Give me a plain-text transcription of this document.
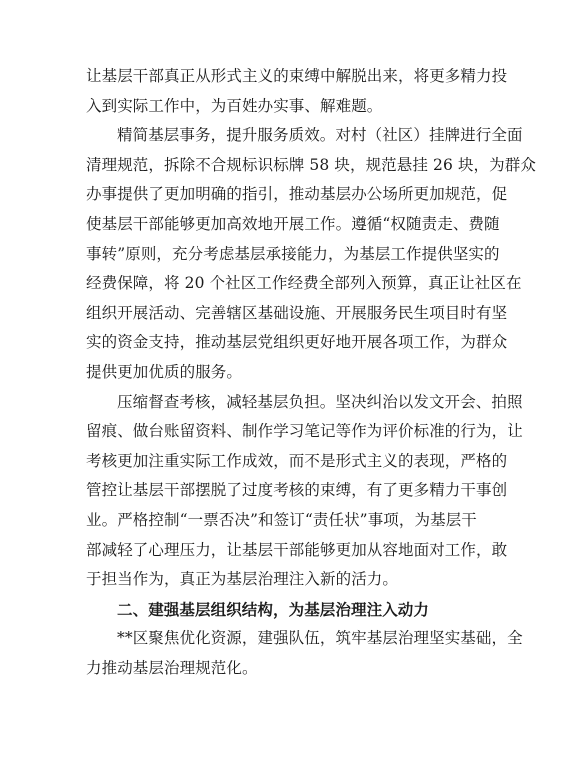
让基层干部真正从形式主义的束缚中解脱出来，将更多精力投
入到实际工作中，为百姓办实事、解难题。

精简基层事务，提升服务质效。对村（社区）挂牌进行全面
清理规范，拆除不合规标识标牌 58 块，规范悬挂 26 块，为群众
办事提供了更加明确的指引，推动基层办公场所更加规范，促
使基层干部能够更加高效地开展工作。遵循“权随责走、费随
事转”原则，充分考虑基层承接能力，为基层工作提供坚实的
经费保障，将 20 个社区工作经费全部列入预算，真正让社区在
组织开展活动、完善辖区基础设施、开展服务民生项目时有坚
实的资金支持，推动基层党组织更好地开展各项工作，为群众
提供更加优质的服务。

压缩督查考核，减轻基层负担。坚决纠治以发文开会、拍照
留痕、做台账留资料、制作学习笔记等作为评价标准的行为，让
考核更加注重实际工作成效，而不是形式主义的表现，严格的
管控让基层干部摆脱了过度考核的束缚，有了更多精力干事创
业。严格控制“一票否决”和签订“责任状”事项，为基层干
部减轻了心理压力，让基层干部能够更加从容地面对工作，敢
于担当作为，真正为基层治理注入新的活力。

二、建强基层组织结构，为基层治理注入动力

**区聚焦优化资源，建强队伍，筑牢基层治理坚实基础，全
力推动基层治理规范化。
